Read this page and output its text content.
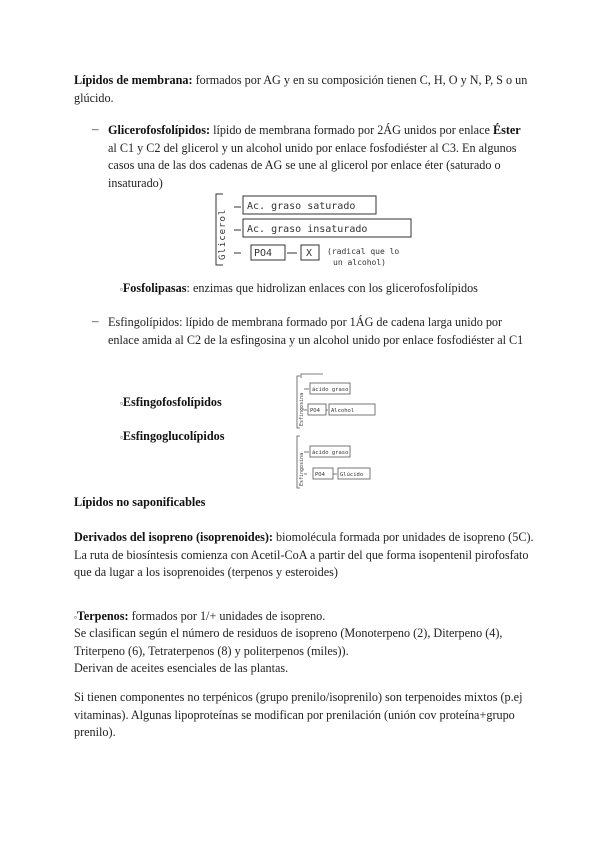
Lípidos de membrana: formados por AG y en su composición tienen C, H, O y N, P, S o un glúcido.

– Glicerofosfolípidos: lípido de membrana formado por 2ÁG unidos por enlace Éster al C1 y C2 del glicerol y un alcohol unido por enlace fosfodiéster al C3. En algunos casos una de las dos cadenas de AG se une al glicerol por enlace éter (saturado o insaturado)

Glicerol
Ac. graso saturado
Ac. graso insaturado
PO4	X (radical que lo
un alcohol)

▫Fosfolipasas: enzimas que hidrolizan enlaces con los glicerofosfolípidos

– Esfingolípidos: lípido de membrana formado por 1ÁG de cadena larga unido por enlace amida al C2 de la esfingosina y un alcohol unido por enlace fosfodiéster al C1

▫Esfingofosfolípidos

▫Esfingoglucolípidos

Esfingosina
Esfingosina
ácido graso
PO4 Alcohol
ácido graso
PO4	Glúcido

Lípidos no saponificables

Derivados del isopreno (isoprenoides): biomolécula formada por unidades de isopreno (5C). La ruta de biosíntesis comienza con Acetil-CoA a partir del que forma isopentenil pirofosfato que da lugar a los isoprenoides (terpenos y esteroides)

▫Terpenos: formados por 1/+ unidades de isopreno.

Se clasifican según el número de residuos de isopreno (Monoterpeno (2), Diterpeno (4), Triterpeno (6), Tetraterpenos (8) y politerpenos (miles)).

Derivan de aceites esenciales de las plantas.

Si tienen componentes no terpénicos (grupo prenilo/isoprenilo) son terpenoides mixtos (p.ej vitaminas). Algunas lipoproteínas se modifican por prenilación (unión cov proteína+grupo prenilo).
